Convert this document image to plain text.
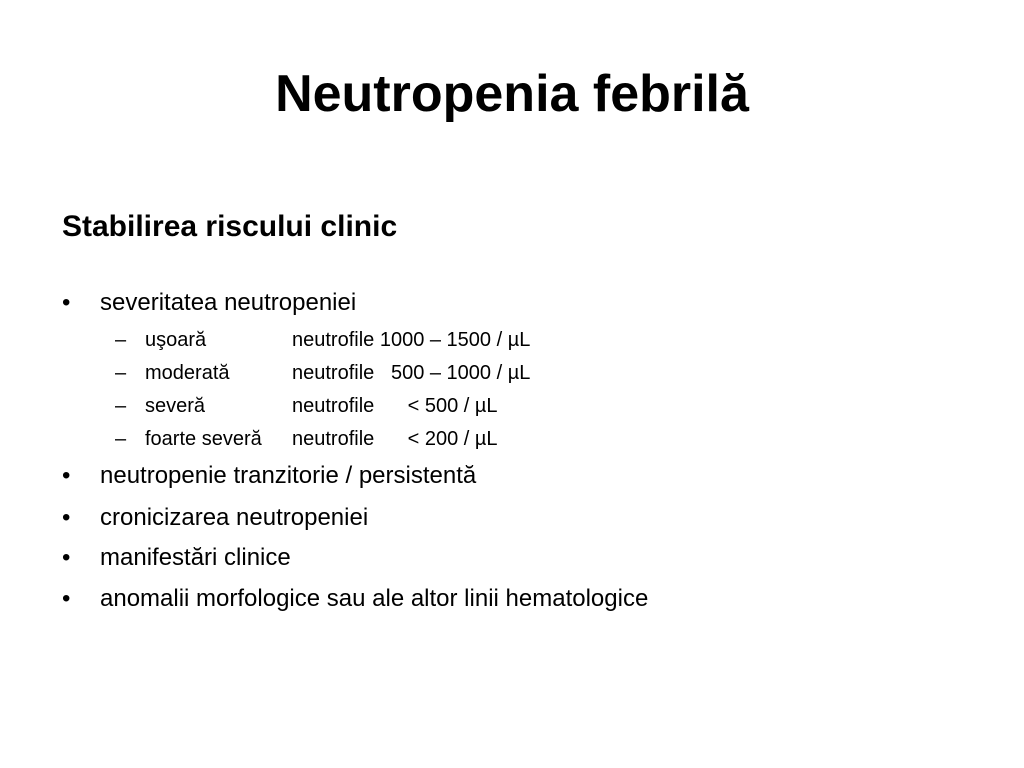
Neutropenia febrilă
Stabilirea riscului clinic
•	severitatea neutropeniei
– uşoară	neutrofile 1000 – 1500 / µL
– moderată	neutrofile   500 – 1000 / µL
– severă	neutrofile      < 500 / µL
– foarte severă neutrofile      < 200 / µL
•	neutropenie tranzitorie / persistentă
•	cronicizarea neutropeniei
•	manifestări clinice
•	anomalii morfologice sau ale altor linii hematologice
